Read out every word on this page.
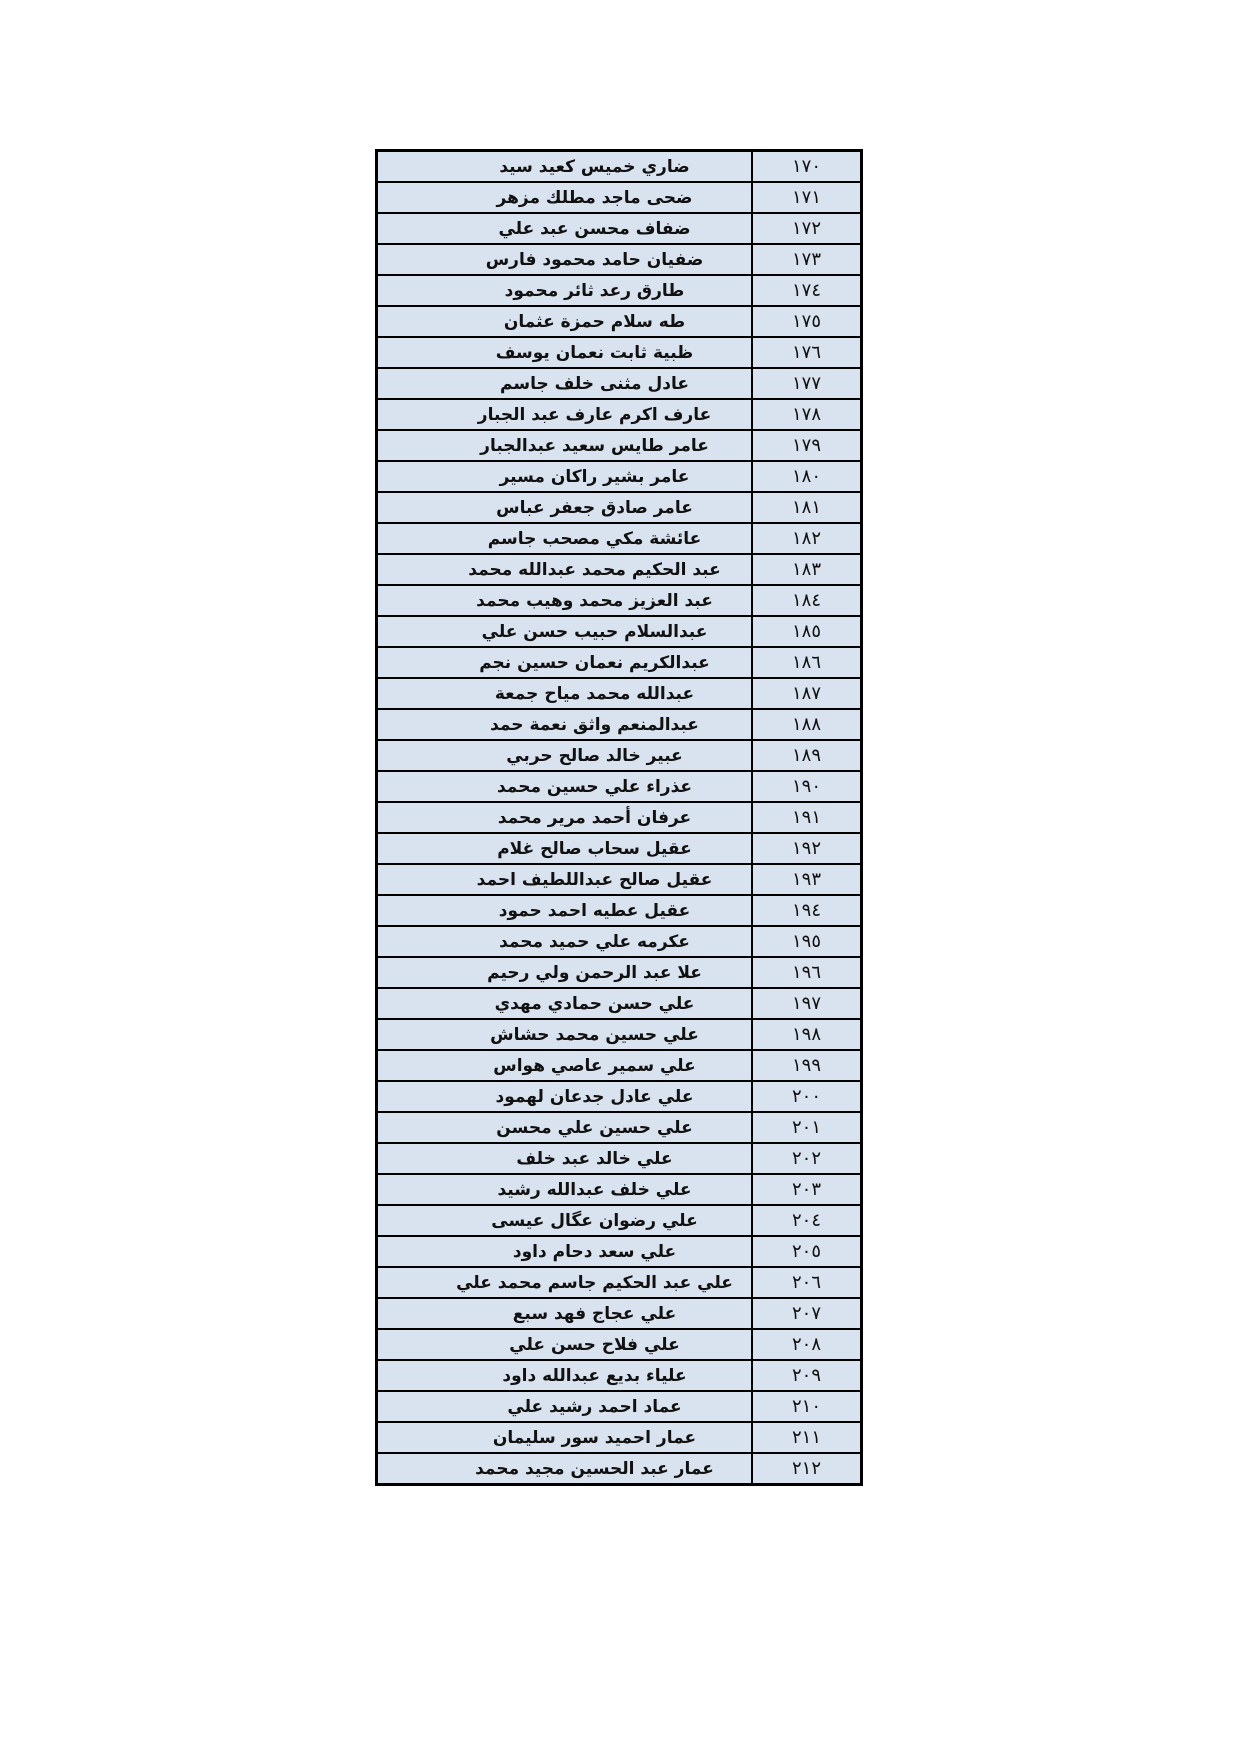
١٧٠	ضاري خميس كعيد سيد
١٧١	ضحى ماجد مطلك مزهر
١٧٢	ضفاف محسن عبد علي
١٧٣	ضفيان حامد محمود فارس
١٧٤	طارق رعد ثائر محمود
١٧٥	طه سلام حمزة عثمان
١٧٦	ظبية ثابت نعمان يوسف
١٧٧	عادل مثنى خلف جاسم
١٧٨	عارف اكرم عارف عبد الجبار
١٧٩	عامر طايس سعيد عبدالجبار
١٨٠	عامر بشير راكان مسير
١٨١	عامر صادق جعفر عباس
١٨٢	عائشة مكي مصحب جاسم
١٨٣	عبد الحكيم محمد عبدالله محمد
١٨٤	عبد العزيز محمد وهيب محمد
١٨٥	عبدالسلام حبيب حسن علي
١٨٦	عبدالكريم نعمان حسين نجم
١٨٧	عبدالله محمد مياح جمعة
١٨٨	عبدالمنعم واثق نعمة حمد
١٨٩	عبير خالد صالح حربي
١٩٠	عذراء علي حسين محمد
١٩١	عرفان أحمد مرير محمد
١٩٢	عقيل سحاب صالح غلام
١٩٣	عقيل صالح عبداللطيف احمد
١٩٤	عقيل عطيه احمد حمود
١٩٥	عكرمه علي حميد محمد
١٩٦	علا عبد الرحمن ولي رحيم
١٩٧	علي حسن حمادي مهدي
١٩٨	علي حسين محمد حشاش
١٩٩	علي سمير عاصي هواس
٢٠٠	علي عادل جدعان لهمود
٢٠١	علي حسين علي محسن
٢٠٢	علي خالد عبد خلف
٢٠٣	علي خلف عبدالله رشيد
٢٠٤	علي رضوان عگال عيسى
٢٠٥	علي سعد دحام داود
٢٠٦	علي عبد الحكيم جاسم محمد علي
٢٠٧	علي عجاج فهد سبع
٢٠٨	علي فلاح حسن علي
٢٠٩	علياء بديع عبدالله داود
٢١٠	عماد احمد رشيد علي
٢١١	عمار احميد سور سليمان
٢١٢	عمار عبد الحسين مجيد محمد
